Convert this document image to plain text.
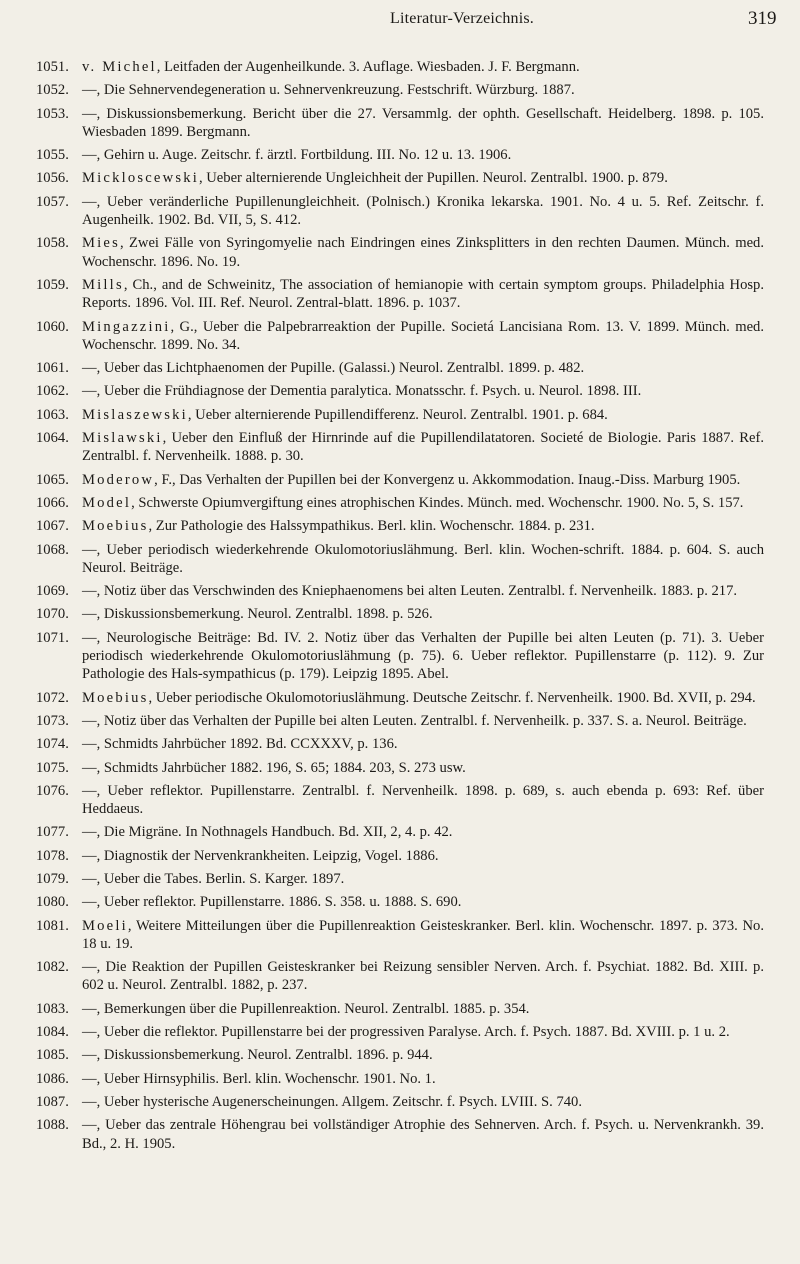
Literatur-Verzeichnis.	319
1051. v. Michel, Leitfaden der Augenheilkunde. 3. Auflage. Wiesbaden. J. F. Bergmann.
1052. —, Die Sehnervendegeneration u. Sehnervenkreuzung. Festschrift. Würzburg. 1887.
1053. —, Diskussionsbemerkung. Bericht über die 27. Versammlg. der ophth. Gesellschaft. Heidelberg. 1898. p. 105. Wiesbaden 1899. Bergmann.
1055. —, Gehirn u. Auge. Zeitschr. f. ärztl. Fortbildung. III. No. 12 u. 13. 1906.
1056. Mickloscewski, Ueber alternierende Ungleichheit der Pupillen. Neurol. Zentralbl. 1900. p. 879.
1057. —, Ueber veränderliche Pupillenungleichheit. (Polnisch.) Kronika lekarska. 1901. No. 4 u. 5. Ref. Zeitschr. f. Augenheilk. 1902. Bd. VII, 5, S. 412.
1058. Mies, Zwei Fälle von Syringomyelie nach Eindringen eines Zinksplitters in den rechten Daumen. Münch. med. Wochenschr. 1896. No. 19.
1059. Mills, Ch., and de Schweinitz, The association of hemianopie with certain symptom groups. Philadelphia Hosp. Reports. 1896. Vol. III. Ref. Neurol. Zentral-blatt. 1896. p. 1037.
1060. Mingazzini, G., Ueber die Palpebrarreaktion der Pupille. Societá Lancisiana Rom. 13. V. 1899. Münch. med. Wochenschr. 1899. No. 34.
1061. —, Ueber das Lichtphaenomen der Pupille. (Galassi.) Neurol. Zentralbl. 1899. p. 482.
1062. —, Ueber die Frühdiagnose der Dementia paralytica. Monatsschr. f. Psych. u. Neurol. 1898. III.
1063. Mislaszewski, Ueber alternierende Pupillendifferenz. Neurol. Zentralbl. 1901. p. 684.
1064. Mislawski, Ueber den Einfluß der Hirnrinde auf die Pupillendilatatoren. Societé de Biologie. Paris 1887. Ref. Zentralbl. f. Nervenheilk. 1888. p. 30.
1065. Moderow, F., Das Verhalten der Pupillen bei der Konvergenz u. Akkommodation. Inaug.-Diss. Marburg 1905.
1066. Model, Schwerste Opiumvergiftung eines atrophischen Kindes. Münch. med. Wochenschr. 1900. No. 5, S. 157.
1067. Moebius, Zur Pathologie des Halssympathikus. Berl. klin. Wochenschr. 1884. p. 231.
1068. —, Ueber periodisch wiederkehrende Okulomotoriuslähmung. Berl. klin. Wochen-schrift. 1884. p. 604. S. auch Neurol. Beiträge.
1069. —, Notiz über das Verschwinden des Kniephaenomens bei alten Leuten. Zentralbl. f. Nervenheilk. 1883. p. 217.
1070. —, Diskussionsbemerkung. Neurol. Zentralbl. 1898. p. 526.
1071. —, Neurologische Beiträge: Bd. IV. 2. Notiz über das Verhalten der Pupille bei alten Leuten (p. 71). 3. Ueber periodisch wiederkehrende Okulomotoriuslähmung (p. 75). 6. Ueber reflektor. Pupillenstarre (p. 112). 9. Zur Pathologie des Hals-sympathicus (p. 179). Leipzig 1895. Abel.
1072. Moebius, Ueber periodische Okulomotoriuslähmung. Deutsche Zeitschr. f. Nervenheilk. 1900. Bd. XVII, p. 294.
1073. —, Notiz über das Verhalten der Pupille bei alten Leuten. Zentralbl. f. Nervenheilk. p. 337. S. a. Neurol. Beiträge.
1074. —, Schmidts Jahrbücher 1892. Bd. CCXXXV, p. 136.
1075. —, Schmidts Jahrbücher 1882. 196, S. 65; 1884. 203, S. 273 usw.
1076. —, Ueber reflektor. Pupillenstarre. Zentralbl. f. Nervenheilk. 1898. p. 689, s. auch ebenda p. 693: Ref. über Heddaeus.
1077. —, Die Migräne. In Nothnagels Handbuch. Bd. XII, 2, 4. p. 42.
1078. —, Diagnostik der Nervenkrankheiten. Leipzig, Vogel. 1886.
1079. —, Ueber die Tabes. Berlin. S. Karger. 1897.
1080. —, Ueber reflektor. Pupillenstarre. 1886. S. 358. u. 1888. S. 690.
1081. Moeli, Weitere Mitteilungen über die Pupillenreaktion Geisteskranker. Berl. klin. Wochenschr. 1897. p. 373. No. 18 u. 19.
1082. —, Die Reaktion der Pupillen Geisteskranker bei Reizung sensibler Nerven. Arch. f. Psychiat. 1882. Bd. XIII. p. 602 u. Neurol. Zentralbl. 1882, p. 237.
1083. —, Bemerkungen über die Pupillenreaktion. Neurol. Zentralbl. 1885. p. 354.
1084. —, Ueber die reflektor. Pupillenstarre bei der progressiven Paralyse. Arch. f. Psych. 1887. Bd. XVIII. p. 1 u. 2.
1085. —, Diskussionsbemerkung. Neurol. Zentralbl. 1896. p. 944.
1086. —, Ueber Hirnsyphilis. Berl. klin. Wochenschr. 1901. No. 1.
1087. —, Ueber hysterische Augenerscheinungen. Allgem. Zeitschr. f. Psych. LVIII. S. 740.
1088. —, Ueber das zentrale Höhengrau bei vollständiger Atrophie des Sehnerven. Arch. f. Psych. u. Nervenkrankh. 39. Bd., 2. H. 1905.
